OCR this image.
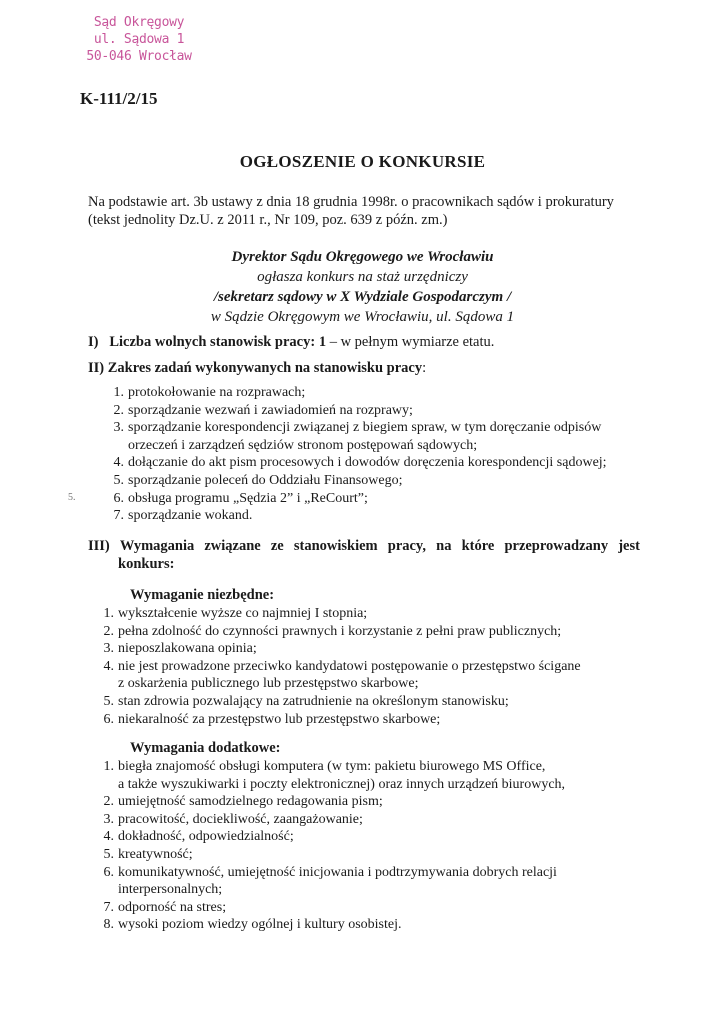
Sąd Okręgowy
ul. Sądowa 1
50-046 Wrocław
K-111/2/15
OGŁOSZENIE O KONKURSIE
Na podstawie art. 3b ustawy z dnia 18 grudnia 1998r. o pracownikach sądów i prokuratury
(tekst jednolity Dz.U. z 2011 r., Nr 109, poz. 639 z późn. zm.)
Dyrektor Sądu Okręgowego we Wrocławiu
ogłasza konkurs na staż urzędniczy
/sekretarz sądowy w X Wydziale Gospodarczym /
w Sądzie Okręgowym we Wrocławiu, ul. Sądowa 1
I) Liczba wolnych stanowisk pracy: 1 – w pełnym wymiarze etatu.
II) Zakres zadań wykonywanych na stanowisku pracy:
1. protokołowanie na rozprawach;
2. sporządzanie wezwań i zawiadomień na rozprawy;
3. sporządzanie korespondencji związanej z biegiem spraw, w tym doręczanie odpisów
orzeczeń i zarządzeń sędziów stronom postępowań sądowych;
4. dołączanie do akt pism procesowych i dowodów doręczenia korespondencji sądowej;
5. sporządzanie poleceń do Oddziału Finansowego;
6. obsługa programu „Sędzia 2” i „ReCourt”;
7. sporządzanie wokand.
5.
III) Wymagania związane ze stanowiskiem pracy, na które przeprowadzany jest
konkurs:
Wymaganie niezbędne:
1. wykształcenie wyższe co najmniej I stopnia;
2. pełna zdolność do czynności prawnych i korzystanie z pełni praw publicznych;
3. nieposzlakowana opinia;
4. nie jest prowadzone przeciwko kandydatowi postępowanie o przestępstwo ścigane
z oskarżenia publicznego lub przestępstwo skarbowe;
5. stan zdrowia pozwalający na zatrudnienie na określonym stanowisku;
6. niekaralność za przestępstwo lub przestępstwo skarbowe;
Wymagania dodatkowe:
1. biegła znajomość obsługi komputera (w tym: pakietu biurowego MS Office,
a także wyszukiwarki i poczty elektronicznej) oraz innych urządzeń biurowych,
2. umiejętność samodzielnego redagowania pism;
3. pracowitość, dociekliwość, zaangażowanie;
4. dokładność, odpowiedzialność;
5. kreatywność;
6. komunikatywność, umiejętność inicjowania i podtrzymywania dobrych relacji
interpersonalnych;
7. odporność na stres;
8. wysoki poziom wiedzy ogólnej i kultury osobistej.
